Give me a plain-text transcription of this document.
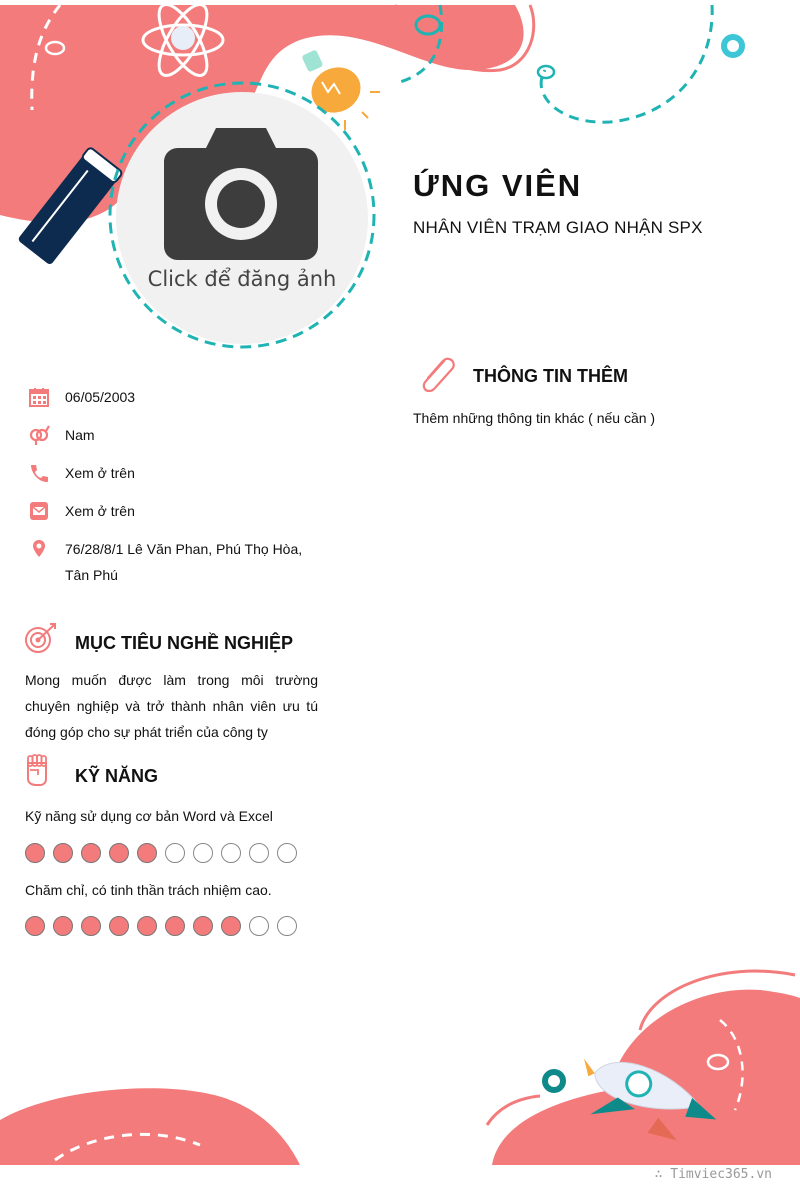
Click để đăng ảnh
ỨNG VIÊN
NHÂN VIÊN TRẠM GIAO NHẬN SPX
06/05/2003
Nam
Xem ở trên
Xem ở trên
76/28/8/1 Lê Văn Phan, Phú Thọ Hòa, Tân Phú
MỤC TIÊU NGHỀ NGHIỆP
Mong muốn được làm trong môi trường chuyên nghiệp và trở thành nhân viên ưu tú đóng góp cho sự phát triển của công ty
KỸ NĂNG
Kỹ năng sử dụng cơ bản Word và Excel
Chăm chỉ, có tinh thần trách nhiệm cao.
THÔNG TIN THÊM
Thêm những thông tin khác ( nếu cần )
∴ Timviec365.vn
